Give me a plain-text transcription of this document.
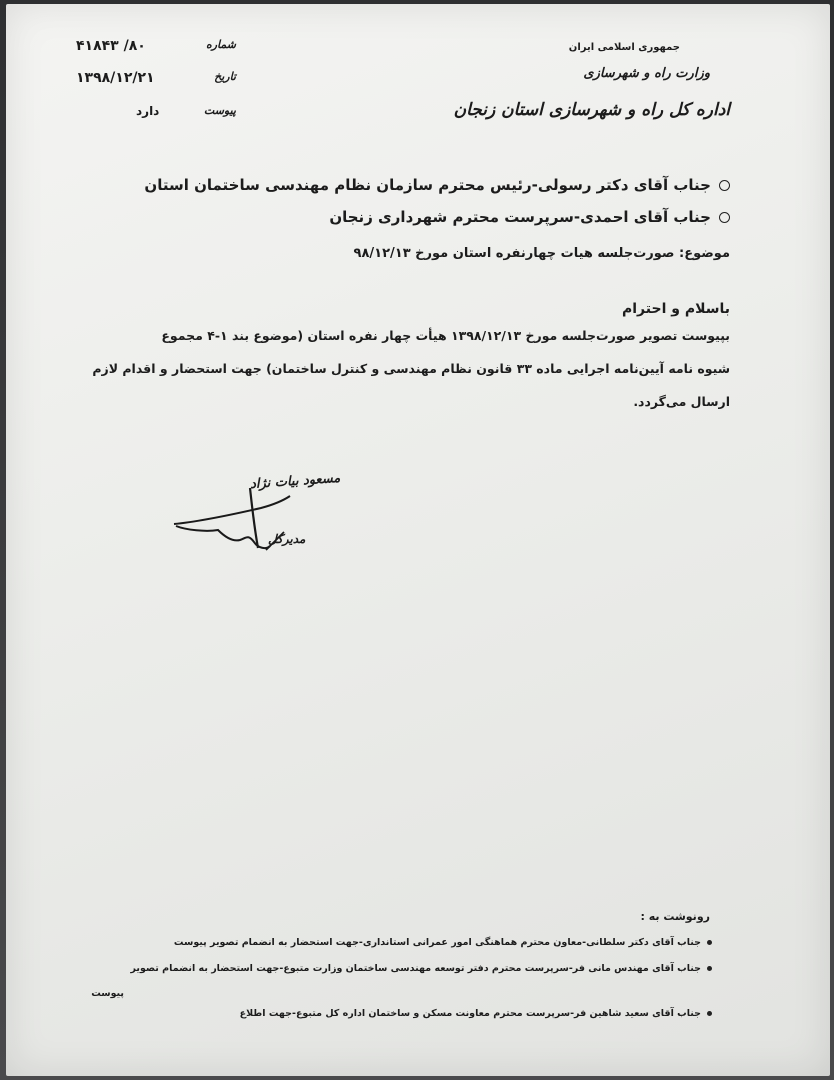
۸۰/ ۴۱۸۴۳	شماره
۱۳۹۸/۱۲/۲۱	تاریخ
دارد	پیوست
جمهوری اسلامی ایران
وزارت راه و شهرسازی
اداره کل راه و شهرسازی استان زنجان
جناب آقای دکتر رسولی-رئیس محترم سازمان نظام مهندسی ساختمان استان
جناب آقای احمدی-سرپرست محترم شهرداری زنجان
موضوع: صورت‌جلسه هیات چهارنفره استان مورخ ۹۸/۱۲/۱۳
باسلام و احترام
بپیوست تصویر صورت‌جلسه مورخ ۱۳۹۸/۱۲/۱۳ هیأت چهار نفره استان (موضوع بند ۱-۴ مجموع
شیوه نامه آیین‌نامه اجرایی ماده ۳۳ قانون نظام مهندسی و کنترل ساختمان) جهت استحضار و اقدام لازم
ارسال می‌گردد.
مسعود بیات نژاد
مدیرکل
رونوشت به :
جناب آقای دکتر سلطانی-معاون محترم هماهنگی امور عمرانی استانداری-جهت استحضار به انضمام تصویر پیوست
جناب آقای مهندس مانی فر-سرپرست محترم دفتر توسعه مهندسی ساختمان وزارت متبوع-جهت استحضار به انضمام تصویر
پیوست
جناب آقای سعید شاهین فر-سرپرست محترم معاونت مسکن و ساختمان اداره کل متبوع-جهت اطلاع
